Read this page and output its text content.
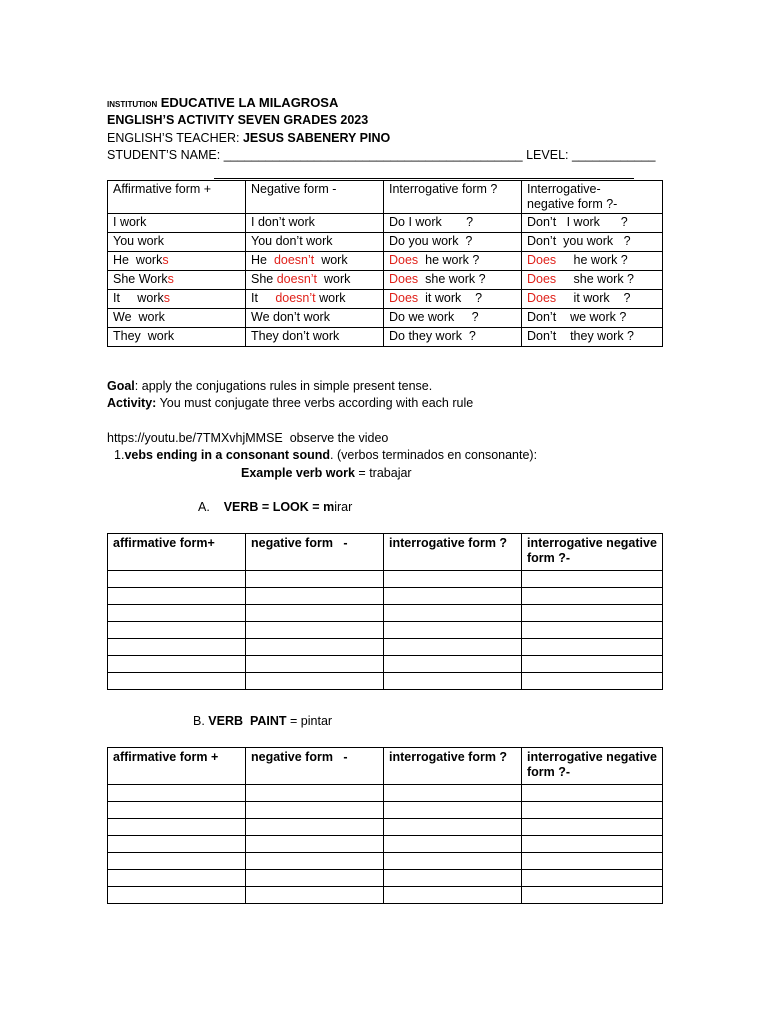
INSTITUTION EDUCATIVE LA MILAGROSA
ENGLISH’S ACTIVITY SEVEN GRADES 2023
ENGLISH’S TEACHER: JESUS SABENERY PINO
STUDENT’S NAME: ___________________________________________ LEVEL: ____________
Affirmative form +	Negative form -	Interrogative form ?	Interrogative-
negative form ?-
I work	I don’t work	Do I work       ?	Don’t   I work      ?
You work	You don’t work	Do you work  ?	Don’t  you work   ?
He  works	He  doesn’t  work	Does  he work ?	Does     he work ?
She Works	She doesn’t  work	Does  she work ?	Does     she work ?
It     works	It     doesn’t work	Does  it work    ?	Does     it work    ?
We  work	We don’t work	Do we work     ?	Don’t    we work ?
They  work	They don’t work	Do they work  ?	Don’t    they work ?
Goal: apply the conjugations rules in simple present tense.
Activity: You must conjugate three verbs according with each rule
https://youtu.be/7TMXvhjMMSE  observe the video
1.vebs ending in a consonant sound. (verbos terminados en consonante):
Example verb work = trabajar
A. VERB = LOOK = mirar
affirmative form+	negative form   -	interrogative form ?	interrogative negative form ?-

B. VERB  PAINT = pintar
affirmative form +	negative form   -	interrogative form ?	interrogative negative form ?-
